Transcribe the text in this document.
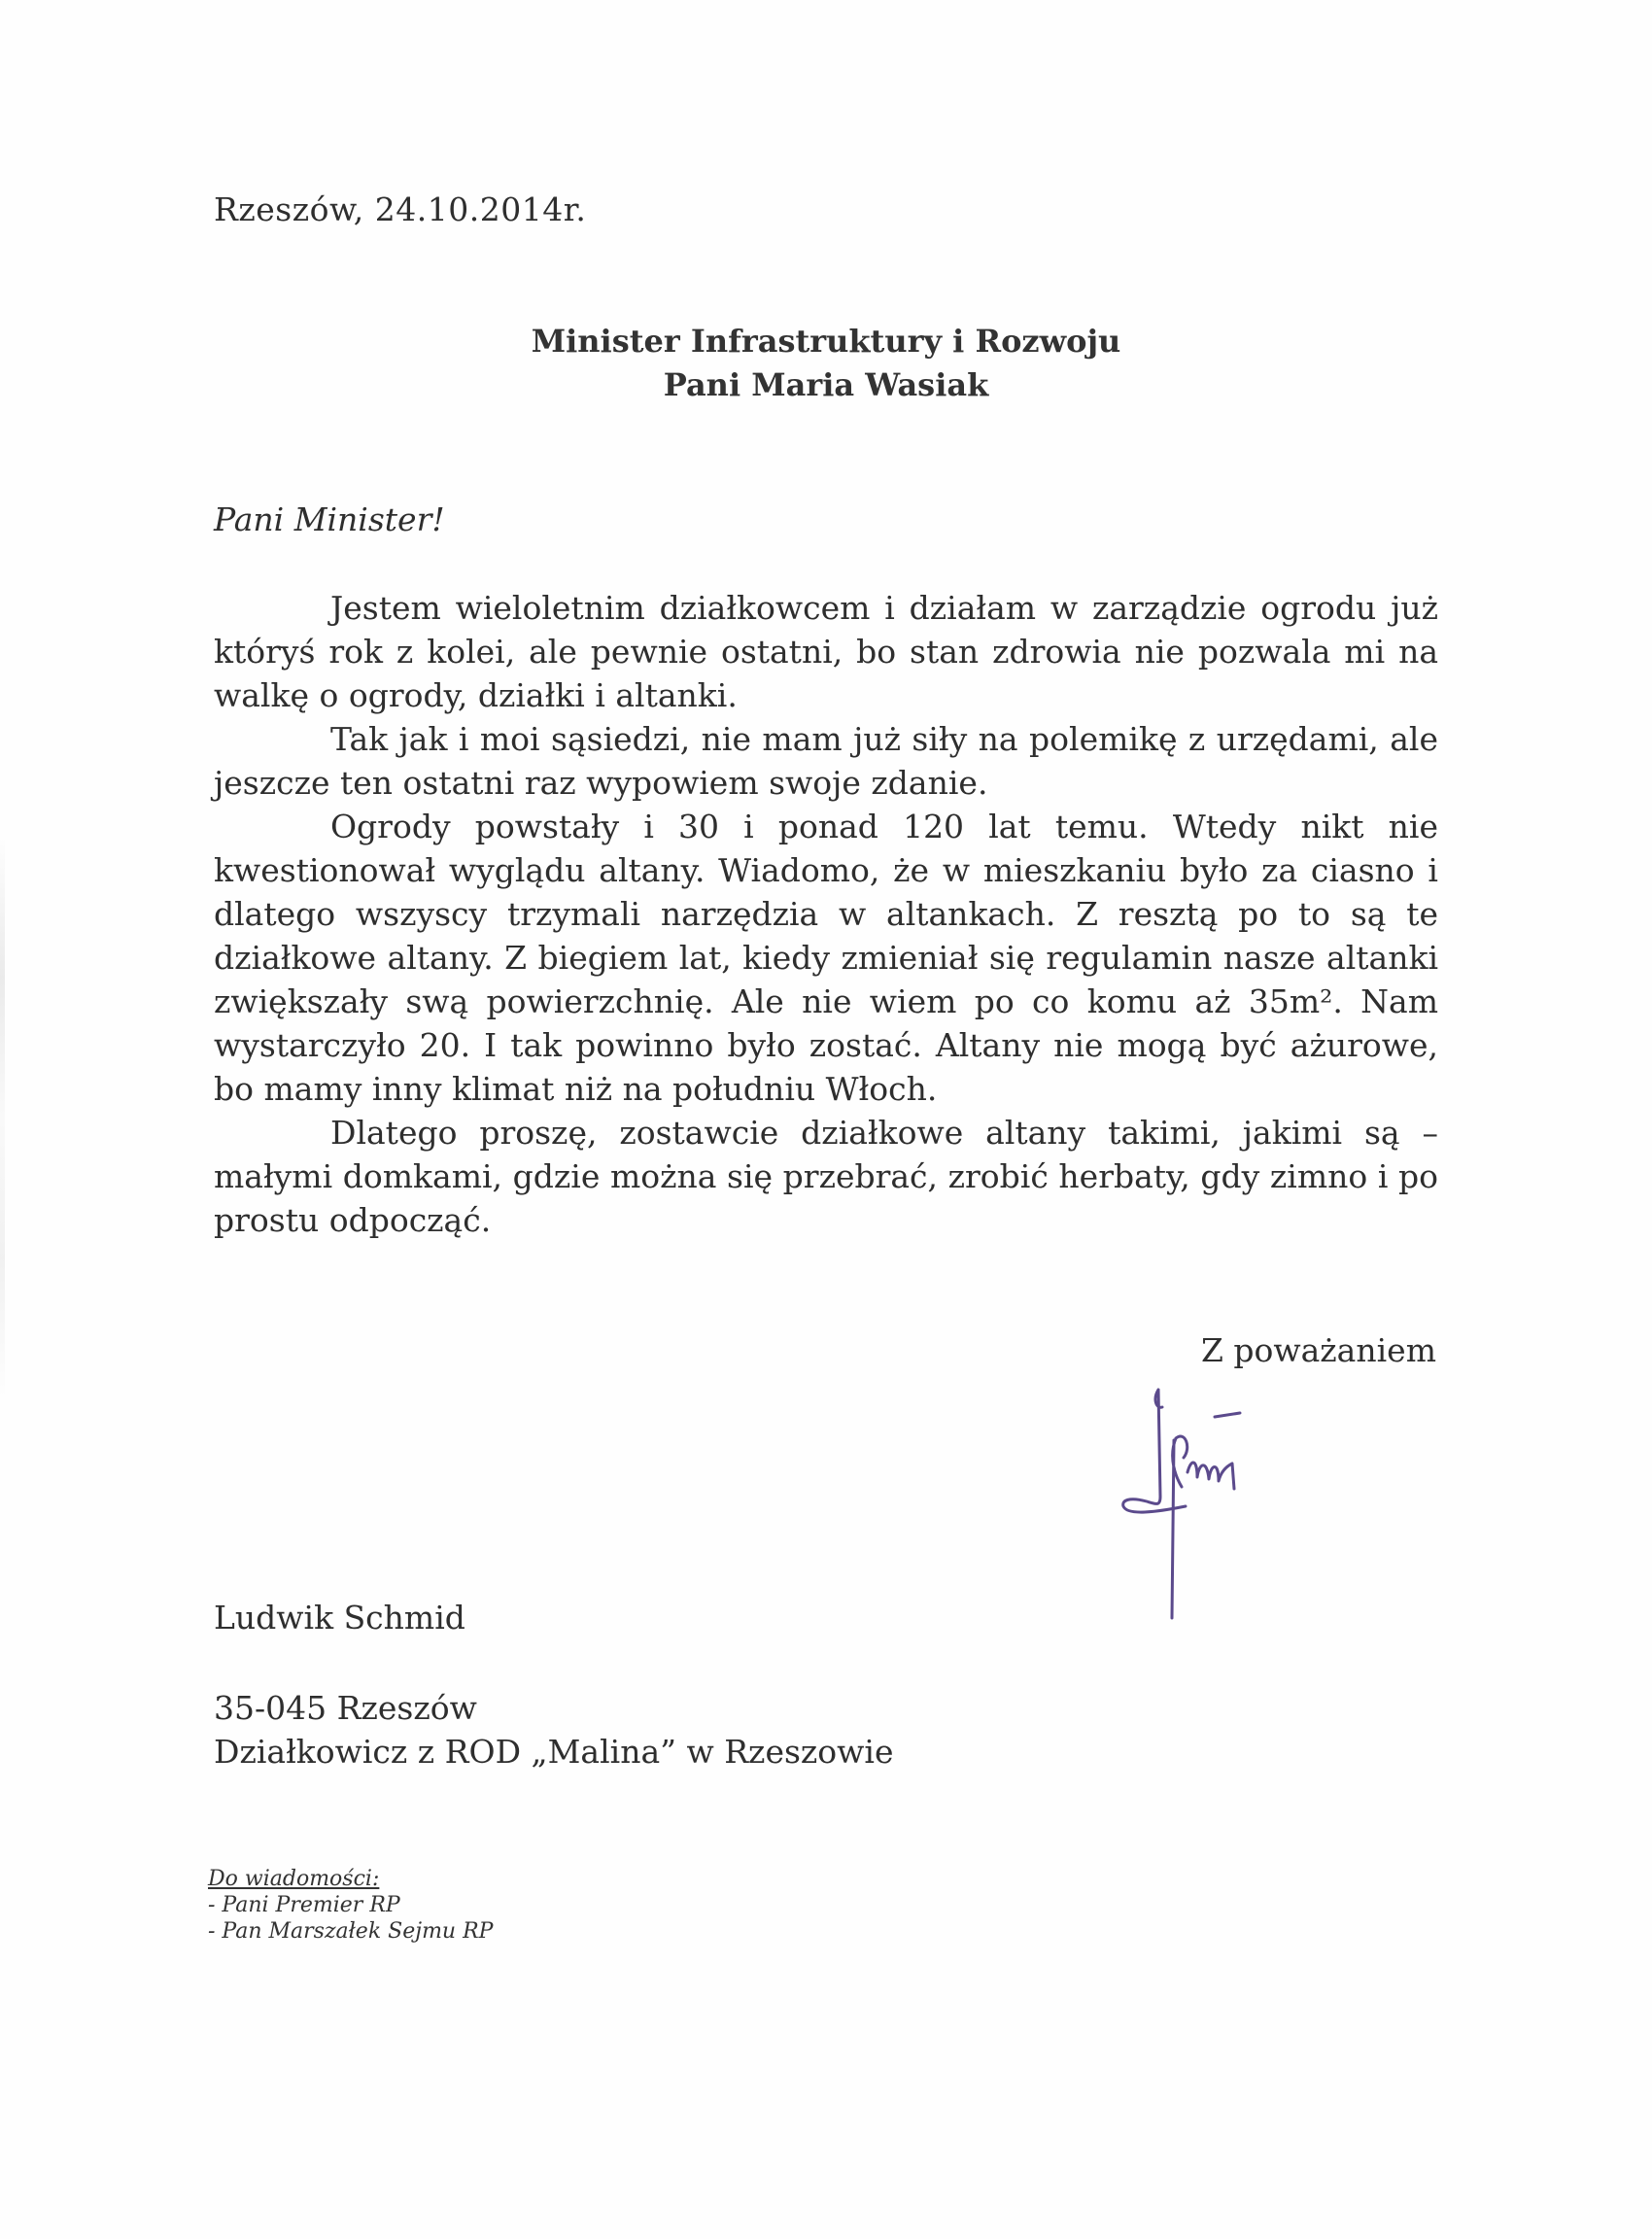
Rzeszów, 24.10.2014r.
Minister Infrastruktury i Rozwoju
Pani Maria Wasiak
Pani Minister!

Jestem wieloletnim działkowcem i działam w zarządzie ogrodu już któryś rok z kolei, ale pewnie ostatni, bo stan zdrowia nie pozwala mi na walkę o ogrody, działki i altanki.

Tak jak i moi sąsiedzi, nie mam już siły na polemikę z urzędami, ale jeszcze ten ostatni raz wypowiem swoje zdanie.

Ogrody powstały i 30 i ponad 120 lat temu. Wtedy nikt nie kwestionował wyglądu altany. Wiadomo, że w mieszkaniu było za ciasno i dlatego wszyscy trzymali narzędzia w altankach. Z resztą po to są te działkowe altany. Z biegiem lat, kiedy zmieniał się regulamin nasze altanki zwiększały swą powierzchnię. Ale nie wiem po co komu aż 35m². Nam wystarczyło 20. I tak powinno było zostać. Altany nie mogą być ażurowe, bo mamy inny klimat niż na południu Włoch.

Dlatego proszę, zostawcie działkowe altany takimi, jakimi są – małymi domkami, gdzie można się przebrać, zrobić herbaty, gdy zimno i po prostu odpocząć.

Z poważaniem
Ludwik Schmid
35-045 Rzeszów
Działkowicz z ROD „Malina” w Rzeszowie
Do wiadomości:
- Pani Premier RP
- Pan Marszałek Sejmu RP
